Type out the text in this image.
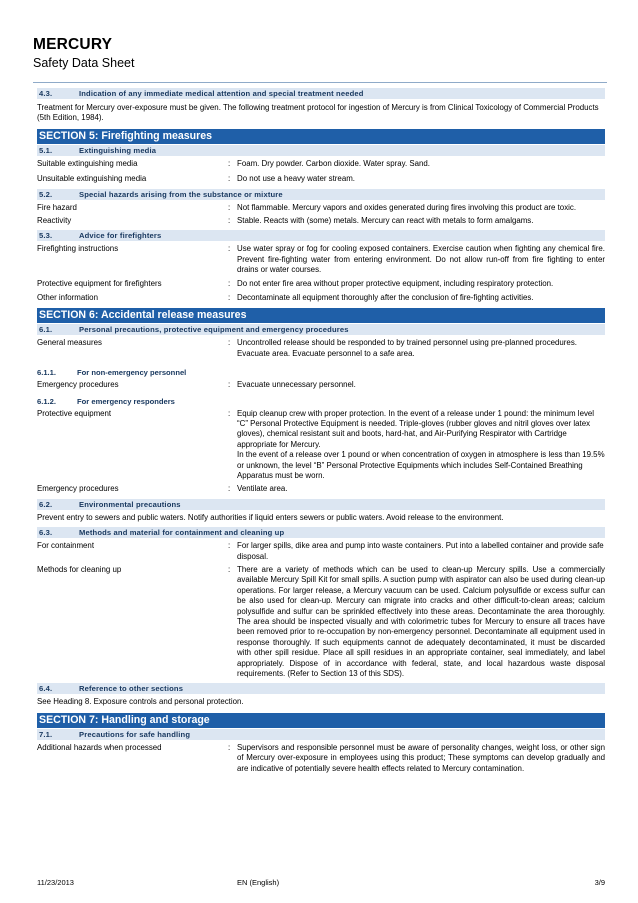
MERCURY
Safety Data Sheet
4.3.	Indication of any immediate medical attention and special treatment needed
Treatment for Mercury over-exposure must be given. The following treatment protocol for ingestion of Mercury is from Clinical Toxicology of Commercial Products (5th Edition, 1984).
SECTION 5: Firefighting measures
5.1.	Extinguishing media
Suitable extinguishing media	: Foam. Dry powder. Carbon dioxide. Water spray. Sand.
Unsuitable extinguishing media	: Do not use a heavy water stream.
5.2.	Special hazards arising from the substance or mixture
Fire hazard	: Not flammable. Mercury vapors and oxides generated during fires involving this product are toxic.
Reactivity	: Stable. Reacts with (some) metals. Mercury can react with metals to form amalgams.
5.3.	Advice for firefighters
Firefighting instructions	: Use water spray or fog for cooling exposed containers. Exercise caution when fighting any chemical fire. Prevent fire-fighting water from entering environment. Do not allow run-off from fire fighting to enter drains or water courses.
Protective equipment for firefighters	: Do not enter fire area without proper protective equipment, including respiratory protection.
Other information	: Decontaminate all equipment thoroughly after the conclusion of fire-fighting activities.
SECTION 6: Accidental release measures
6.1.	Personal precautions, protective equipment and emergency procedures
General measures	: Uncontrolled release should be responded to by trained personnel using pre-planned procedures.   Evacuate area. Evacuate personnel to a safe area.
6.1.1.	For non-emergency personnel
Emergency procedures	: Evacuate unnecessary personnel.
6.1.2.	For emergency responders
Protective equipment	: Equip cleanup crew with proper protection. In the event of a release under 1 pound: the minimum level “C” Personal Protective Equipment is needed. Triple-gloves (rubber gloves and nitril gloves over latex gloves), chemical resistant suit and boots, hard-hat, and Air-Purifying Respirator with Cartridge appropriate for Mercury.
In the event of a release over 1 pound or when concentration of oxygen in atmosphere is less than 19.5% or unknown, the level “B” Personal Protective Equipments which includes Self-Contained Breathing Apparatus must be worn.
Emergency procedures	: Ventilate area.
6.2.	Environmental precautions
Prevent entry to sewers and public waters. Notify authorities if liquid enters sewers or public waters. Avoid release to the environment.
6.3.	Methods and material for containment and cleaning up
For containment	: For larger spills, dike area and pump into waste containers. Put into a labelled container and provide safe disposal.
Methods for cleaning up	: There are a variety of methods which can be used to clean-up Mercury spills. Use a commercially available Mercury Spill Kit for small spills. A suction pump with aspirator can also be used during clean-up operations. For larger release, a Mercury vacuum can be used. Calcium polysulfide or excess sulfur can be also used for clean-up. Mercury can migrate into cracks and other difficult-to-clean areas; calcium polysulfide and sulfur can be sprinkled effectively into these areas. Decontaminate the area thoroughly. The area should be inspected visually and with colorimetric tubes for Mercury to ensure all traces have been removed prior to re-occupation by non-emergency personnel. Decontaminate all equipment used in response thoroughly. If such equipments cannot de adequately decontaminated, it must be discarded with other spill residue. Place all spill residues in an appropriate container, seal immediately, and label appropriately. Dispose of in accordance with federal, state, and local hazardous waste disposal requirements. (Refer to Section 13 of this SDS).
6.4.	Reference to other sections
See Heading 8. Exposure controls and personal protection.
SECTION 7: Handling and storage
7.1.	Precautions for safe handling
Additional hazards when processed	: Supervisors and responsible personnel must be aware of personality changes, weight loss, or other sign of Mercury over-exposure in employees using this product; These symptoms can develop gradually and are indicative of potentially severe health effects related to Mercury contamination.
11/23/2013	EN (English)	3/9
